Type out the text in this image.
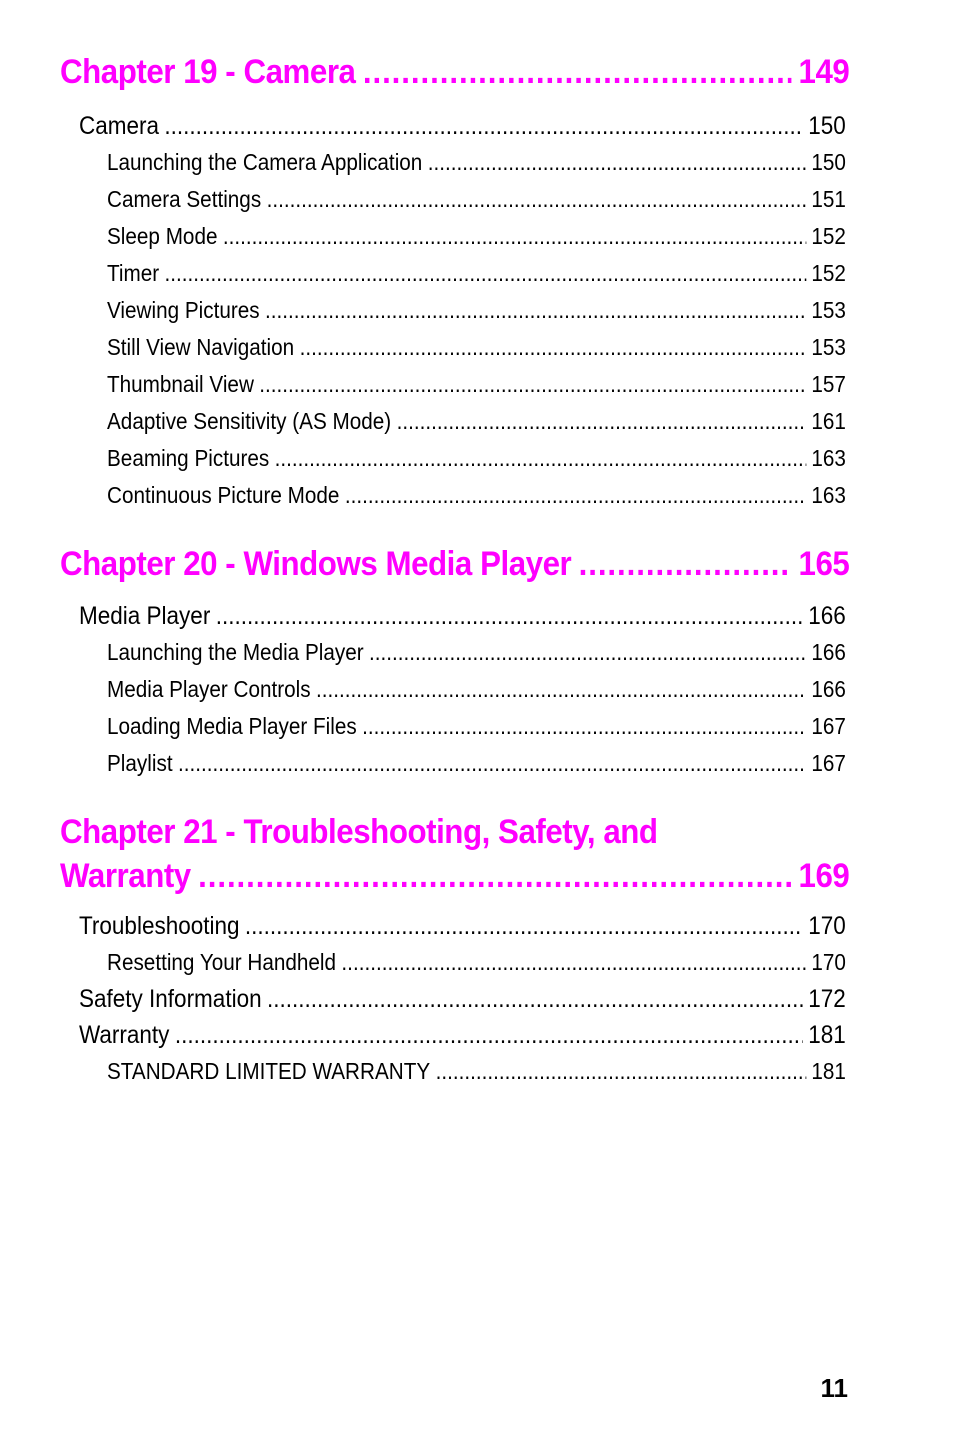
Chapter 19 - Camera .....	149
Camera .....	150
Launching the Camera Application .....	150
Camera Settings .....	151
Sleep Mode .....	152
Timer .....	152
Viewing Pictures .....	153
Still View Navigation .....	153
Thumbnail View .....	157
Adaptive Sensitivity (AS Mode) .....	161
Beaming Pictures .....	163
Continuous Picture Mode .....	163
Chapter 20 - Windows Media Player .....	165
Media Player .....	166
Launching the Media Player .....	166
Media Player Controls .....	166
Loading Media Player Files .....	167
Playlist .....	167
Chapter 21 - Troubleshooting, Safety, and
Warranty .....	169
Troubleshooting .....	170
Resetting Your Handheld .....	170
Safety Information .....	172
Warranty .....	181
STANDARD LIMITED WARRANTY .....	181
11
